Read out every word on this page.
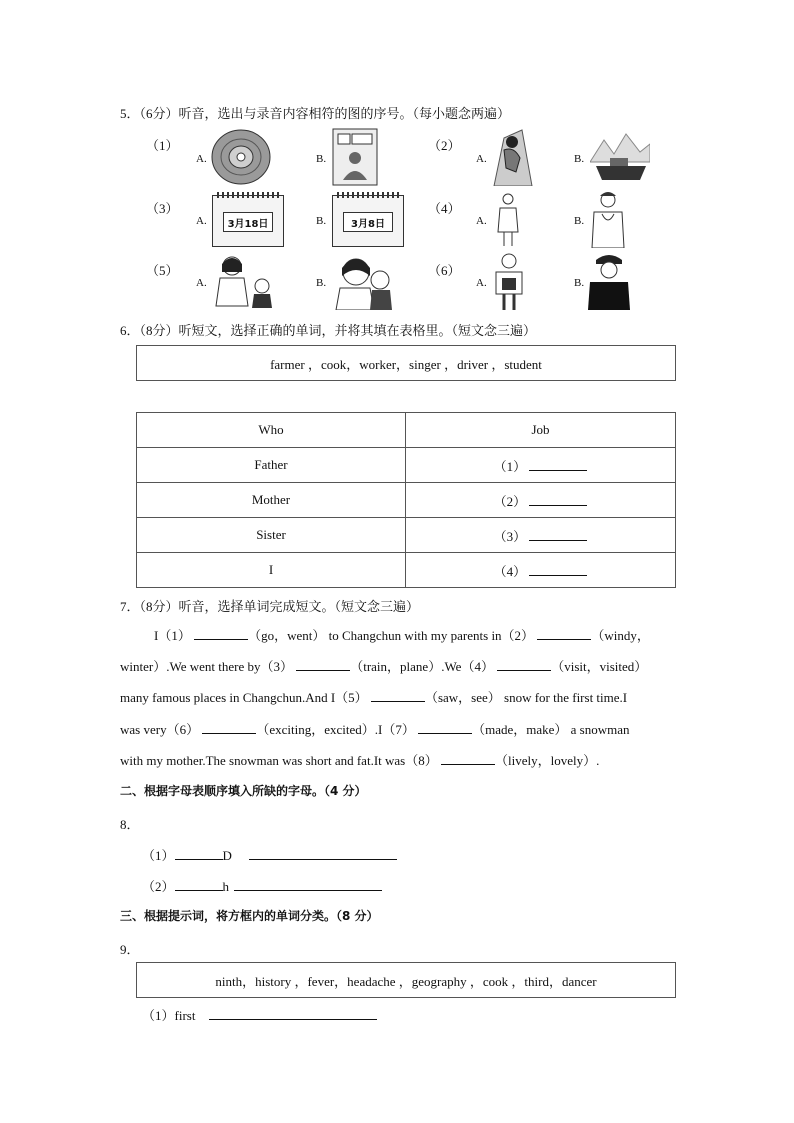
5．（6分）听音，选出与录音内容相符的图的序号。（每小题念两遍）
（1）
A.	B.
（2）
A.	B.
（3）
A.	3月18日	B.	3月8日
（4）
A.	B.
（5）
A.	B.
（6）
A.	B.
6．（8分）听短文，选择正确的单词，并将其填在表格里。（短文念三遍）
farmer ，cook，worker，singer ，driver ，student
Who	Job
Father	（1）
Mother	（2）
Sister	（3）
I	（4）
7．（8分）听音，选择单词完成短文。（短文念三遍）
I（1）	（go，went） to Changchun with my parents in（2）	（windy，
winter）.We went there by（3）	（train，plane）.We（4）	（visit，visited）
many famous places in Changchun.And I（5）	（saw，see） snow for the first time.I
was very（6）	（exciting，excited）.I（7）	（made，make） a snowman
with my mother.The snowman was short and fat.It was（8）	（lively，lovely）.
二、根据字母表顺序填入所缺的字母。（4 分）
8．
（1）	D
（2）	h
三、根据提示词，将方框内的单词分类。（8 分）
9．
ninth，history ，fever，headache ，geography ，cook ，third，dancer
（1）first
